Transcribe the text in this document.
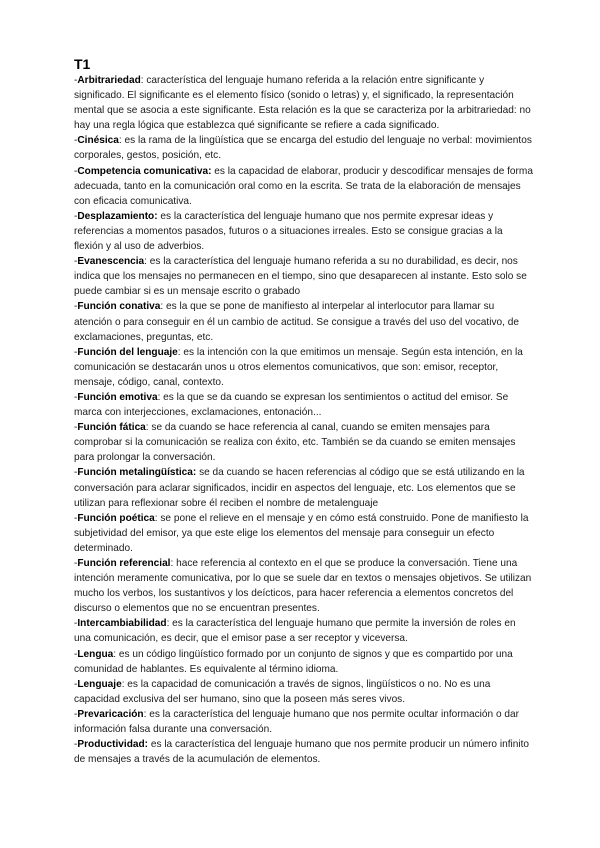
T1

-Arbitrariedad: característica del lenguaje humano referida a la relación entre significante y significado. El significante es el elemento físico (sonido o letras) y, el significado, la representación mental que se asocia a este significante. Esta relación es la que se caracteriza por la arbitrariedad: no hay una regla lógica que establezca qué significante se refiere a cada significado.

-Cinésica: es la rama de la lingüística que se encarga del estudio del lenguaje no verbal: movimientos corporales, gestos, posición, etc.

-Competencia comunicativa: es la capacidad de elaborar, producir y descodificar mensajes de forma adecuada, tanto en la comunicación oral como en la escrita. Se trata de la elaboración de mensajes con eficacia comunicativa.

-Desplazamiento: es la característica del lenguaje humano que nos permite expresar ideas y referencias a momentos pasados, futuros o a situaciones irreales. Esto se consigue gracias a la flexión y al uso de adverbios.

-Evanescencia: es la característica del lenguaje humano referida a su no durabilidad, es decir, nos indica que los mensajes no permanecen en el tiempo, sino que desaparecen al instante. Esto solo se puede cambiar si es un mensaje escrito o grabado

-Función conativa: es la que se pone de manifiesto al interpelar al interlocutor para llamar su atención o para conseguir en él un cambio de actitud. Se consigue a través del uso del vocativo, de exclamaciones, preguntas, etc.

-Función del lenguaje: es la intención con la que emitimos un mensaje. Según esta intención, en la comunicación se destacarán unos u otros elementos comunicativos, que son: emisor, receptor, mensaje, código, canal, contexto.

-Función emotiva: es la que se da cuando se expresan los sentimientos o actitud del emisor. Se marca con interjecciones, exclamaciones, entonación...

-Función fática: se da cuando se hace referencia al canal, cuando se emiten mensajes para comprobar si la comunicación se realiza con éxito, etc. También se da cuando se emiten mensajes para prolongar la conversación.

-Función metalingüística: se da cuando se hacen referencias al código que se está utilizando en la conversación para aclarar significados, incidir en aspectos del lenguaje, etc. Los elementos que se utilizan para reflexionar sobre él reciben el nombre de metalenguaje

-Función poética: se pone el relieve en el mensaje y en cómo está construido. Pone de manifiesto la subjetividad del emisor, ya que este elige los elementos del mensaje para conseguir un efecto determinado.

-Función referencial: hace referencia al contexto en el que se produce la conversación. Tiene una intención meramente comunicativa, por lo que se suele dar en textos o mensajes objetivos. Se utilizan mucho los verbos, los sustantivos y los deícticos, para hacer referencia a elementos concretos del discurso o elementos que no se encuentran presentes.

-Intercambiabilidad: es la característica del lenguaje humano que permite la inversión de roles en una comunicación, es decir, que el emisor pase a ser receptor y viceversa.

-Lengua: es un código lingüístico formado por un conjunto de signos y que es compartido por una comunidad de hablantes. Es equivalente al término idioma.

-Lenguaje: es la capacidad de comunicación a través de signos, lingüísticos o no. No es una capacidad exclusiva del ser humano, sino que la poseen más seres vivos.

-Prevaricación: es la característica del lenguaje humano que nos permite ocultar información o dar información falsa durante una conversación.

-Productividad: es la característica del lenguaje humano que nos permite producir un número infinito de mensajes a través de la acumulación de elementos.
